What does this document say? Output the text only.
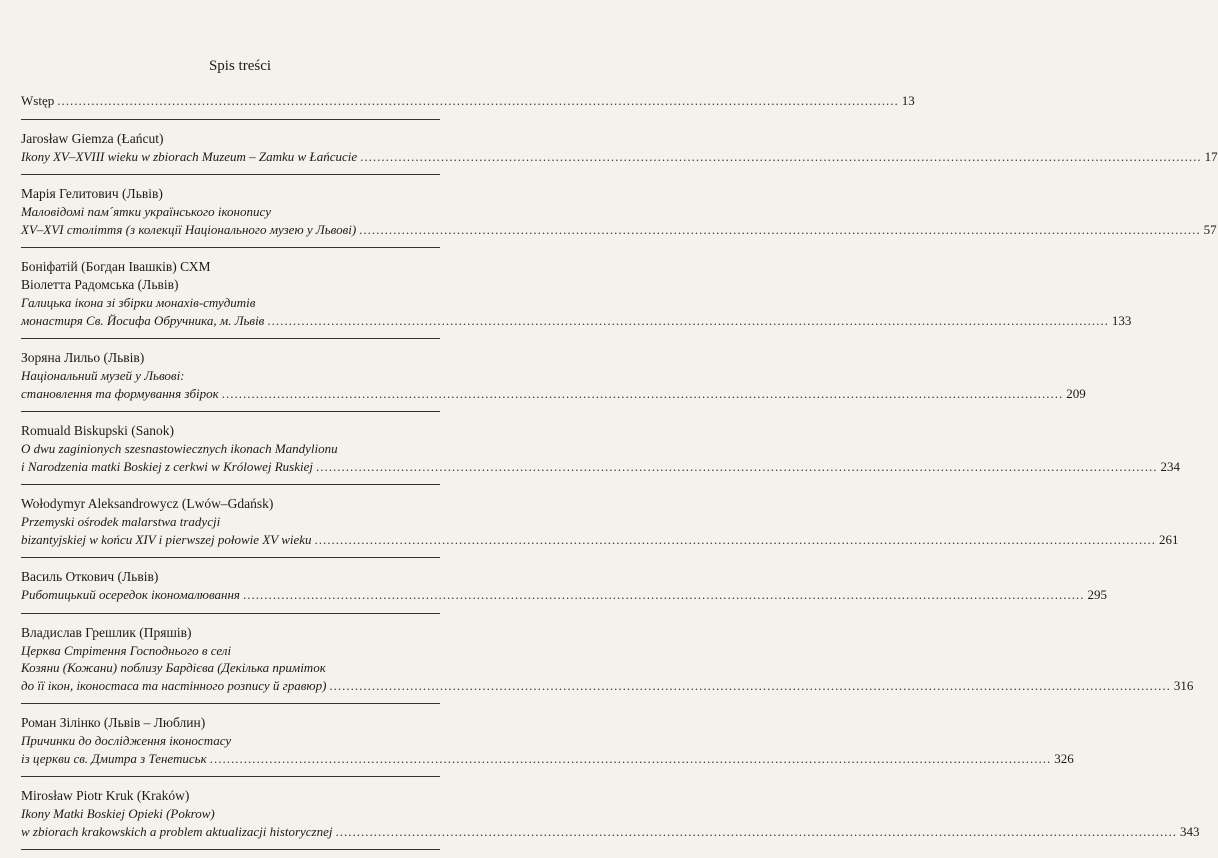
Spis treści
Wstęp .....	13
Jarosław Giemza (Łańcut)
Ikony XV–XVIII wieku w zbiorach Muzeum – Zamku w Łańcucie .....	17
Марія Гелитович (Львів)
Маловідомі пам´ятки українського іконопису
XV–XVI століття (з колекції Національного музею у Львові) .....	57
Боніфатій (Богдан Івашків) СХМ
Віолетта Радомська (Львів)
Галицька ікона зі збірки монахів-студитів
монастиря Св. Йосифа Обручника, м. Львів .....	133
Зоряна Лильо (Львів)
Національний музей у Львові:
становлення та формування збірок .....	209
Romuald Biskupski (Sanok)
O dwu zaginionych szesnastowiecznych ikonach Mandylionu
i Narodzenia matki Boskiej z cerkwi w Królowej Ruskiej .....	234
Wołodymyr Aleksandrowycz (Lwów–Gdańsk)
Przemyski ośrodek malarstwa tradycji
bizantyjskiej w końcu XIV i pierwszej połowie XV wieku .....	261
Василь Откович (Львів)
Риботицький осередок ікономалювання .....	295
Владислав Грешлик (Пряшів)
Церква Стрітення Господнього в селі
Козяни (Кожани) поблизу Бардієва (Декілька приміток
до її ікон, іконостаса та настінного розпису й гравюр) .....	316
Роман Зілінко (Львів – Люблин)
Причинки до дослідження іконостасу
із церкви св. Дмитра з Тенетиськ .....	326
Mirosław Piotr Kruk (Kraków)
Ikony Matki Boskiej Opieki (Pokrow)
w zbiorach krakowskich a problem aktualizacji historycznej .....	343
